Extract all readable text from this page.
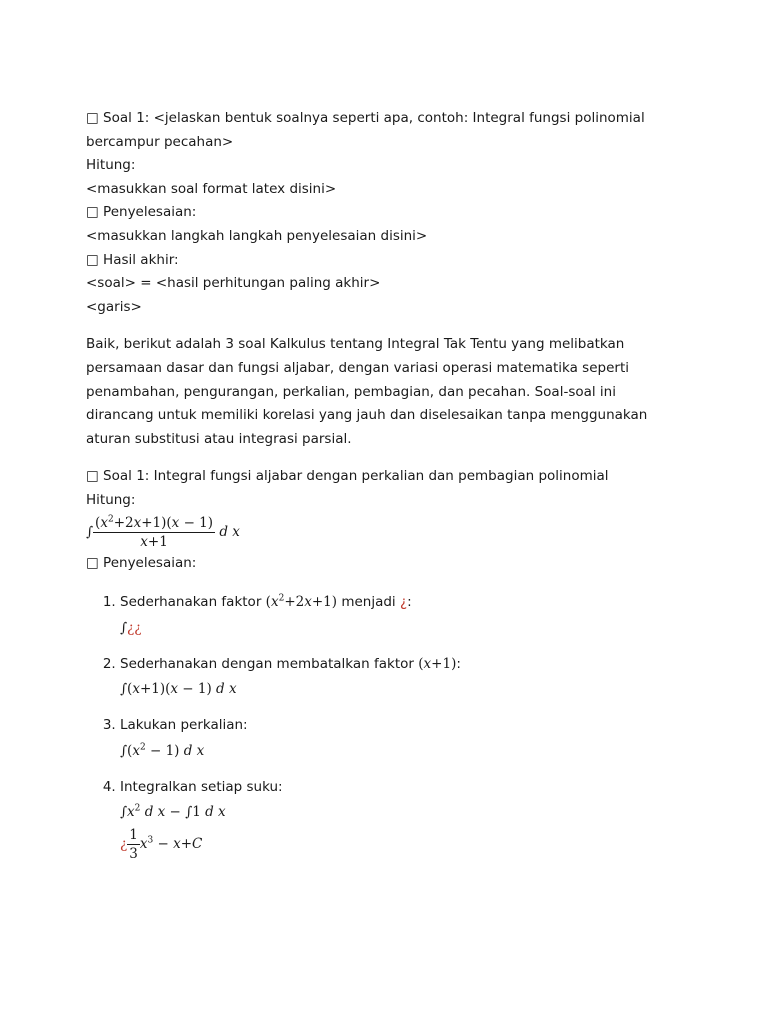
□ Soal 1: <jelaskan bentuk soalnya seperti apa, contoh: Integral fungsi polinomial bercampur pecahan>
Hitung:
<masukkan soal format latex disini>
□ Penyelesaian:
<masukkan langkah langkah penyelesaian disini>
□ Hasil akhir:
<soal> = <hasil perhitungan paling akhir>
<garis>
Baik, berikut adalah 3 soal Kalkulus tentang Integral Tak Tentu yang melibatkan persamaan dasar dan fungsi aljabar, dengan variasi operasi matematika seperti penambahan, pengurangan, perkalian, pembagian, dan pecahan. Soal-soal ini dirancang untuk memiliki korelasi yang jauh dan diselesaikan tanpa menggunakan aturan substitusi atau integrasi parsial.
□ Soal 1: Integral fungsi aljabar dengan perkalian dan pembagian polinomial
Hitung:
∫ $\frac{(x^2+2x+1)(x - 1)}{x+1}$ d x
□ Penyelesaian:
1. Sederhanakan faktor $(x^2+2x+1)$ menjadi ¿:
∫¿¿
2. Sederhanakan dengan membatalkan faktor (x+1):
∫(x+1)(x − 1) d x
3. Lakukan perkalian:
$\int(x^2 - 1)$ d x
4. Integralkan setiap suku:
$\int x^2$ d x − ∫1 d x
¿ $\frac{1}{3} x^3 - x+C$
